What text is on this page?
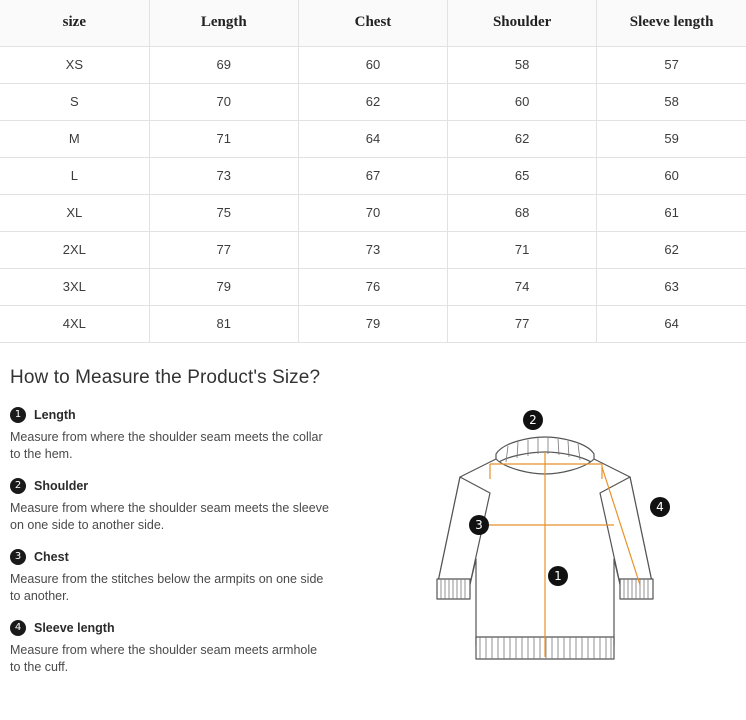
size	Length	Chest	Shoulder	Sleeve length
XS	69	60	58	57
S	70	62	60	58
M	71	64	62	59
L	73	67	65	60
XL	75	70	68	61
2XL	77	73	71	62
3XL	79	76	74	63
4XL	81	79	77	64
How to Measure the Product's Size?
1	Length
Measure from where the shoulder seam meets the collar to the hem.
2	Shoulder
Measure from where the shoulder seam meets the sleeve on one side to another side.
3	Chest
Measure from the stitches below the armpits on one side to another.
4	Sleeve length
Measure from where the shoulder seam meets armhole to the cuff.
1
2
3
4
